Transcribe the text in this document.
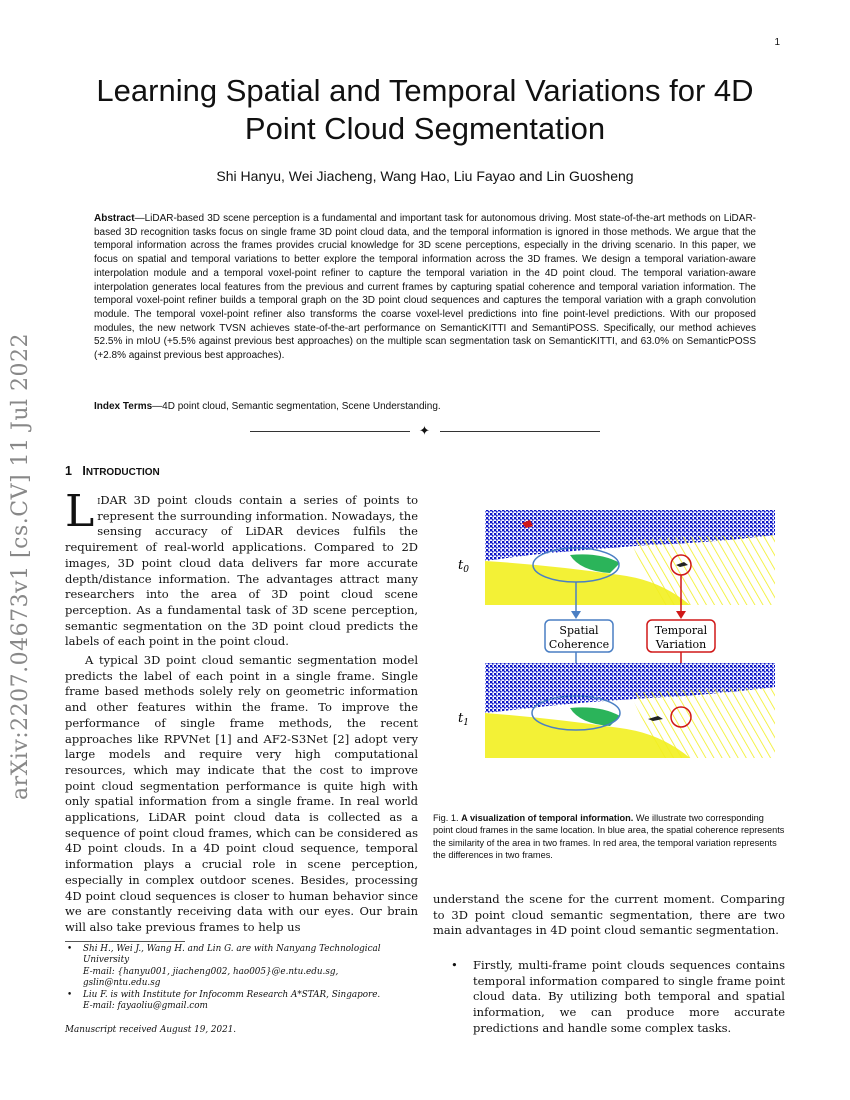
1
arXiv:2207.04673v1 [cs.CV] 11 Jul 2022
Learning Spatial and Temporal Variations for 4D Point Cloud Segmentation
Shi Hanyu, Wei Jiacheng, Wang Hao, Liu Fayao and Lin Guosheng
Abstract—LiDAR-based 3D scene perception is a fundamental and important task for autonomous driving. Most state-of-the-art methods on LiDAR-based 3D recognition tasks focus on single frame 3D point cloud data, and the temporal information is ignored in those methods. We argue that the temporal information across the frames provides crucial knowledge for 3D scene perceptions, especially in the driving scenario. In this paper, we focus on spatial and temporal variations to better explore the temporal information across the 3D frames. We design a temporal variation-aware interpolation module and a temporal voxel-point refiner to capture the temporal variation in the 4D point cloud. The temporal variation-aware interpolation generates local features from the previous and current frames by capturing spatial coherence and temporal variation information. The temporal voxel-point refiner builds a temporal graph on the 3D point cloud sequences and captures the temporal variation with a graph convolution module. The temporal voxel-point refiner also transforms the coarse voxel-level predictions into fine point-level predictions. With our proposed modules, the new network TVSN achieves state-of-the-art performance on SemanticKITTI and SemantiPOSS. Specifically, our method achieves 52.5% in mIoU (+5.5% against previous best approaches) on the multiple scan segmentation task on SemanticKITTI, and 63.0% on SemanticPOSS (+2.8% against previous best approaches).
Index Terms—4D point cloud, Semantic segmentation, Scene Understanding.
✦
1 INTRODUCTION
LiDAR 3D point clouds contain a series of points to represent the surrounding information. Nowadays, the sensing accuracy of LiDAR devices fulfils the requirement of real-world applications. Compared to 2D images, 3D point cloud data delivers far more accurate depth/distance information. The advantages attract many researchers into the area of 3D point cloud scene perception. As a fundamental task of 3D scene perception, semantic segmentation on the 3D point cloud predicts the labels of each point in the point cloud.
A typical 3D point cloud semantic segmentation model predicts the label of each point in a single frame. Single frame based methods solely rely on geometric information and other features within the frame. To improve the performance of single frame methods, the recent approaches like RPVNet [1] and AF2-S3Net [2] adopt very large models and require very high computational resources, which may indicate that the cost to improve point cloud segmentation performance is quite high with only spatial information from a single frame. In real world applications, LiDAR point cloud data is collected as a sequence of point cloud frames, which can be considered as 4D point clouds. In a 4D point cloud sequence, temporal information plays a crucial role in scene perception, especially in complex outdoor scenes. Besides, processing 4D point cloud sequences is closer to human behavior since we are constantly receiving data with our eyes. Our brain will also take previous frames to help us
• Shi H., Wei J., Wang H. and Lin G. are with Nanyang Technological University
E-mail: {hanyu001, jiacheng002, hao005}@e.ntu.edu.sg, gslin@ntu.edu.sg
• Liu F. is with Institute for Infocomm Research A*STAR, Singapore.
E-mail: fayaoliu@gmail.com
Manuscript received August 19, 2021.
$t_0$
Spatial
Coherence
Temporal
Variation
$t_1$
Fig. 1. A visualization of temporal information. We illustrate two corresponding point cloud frames in the same location. In blue area, the spatial coherence represents the similarity of the area in two frames. In red area, the temporal variation represents the differences in two frames.
understand the scene for the current moment. Comparing to 3D point cloud semantic segmentation, there are two main advantages in 4D point cloud semantic segmentation.
• Firstly, multi-frame point clouds sequences contains temporal information compared to single frame point cloud data. By utilizing both temporal and spatial information, we can produce more accurate predictions and handle some complex tasks.
